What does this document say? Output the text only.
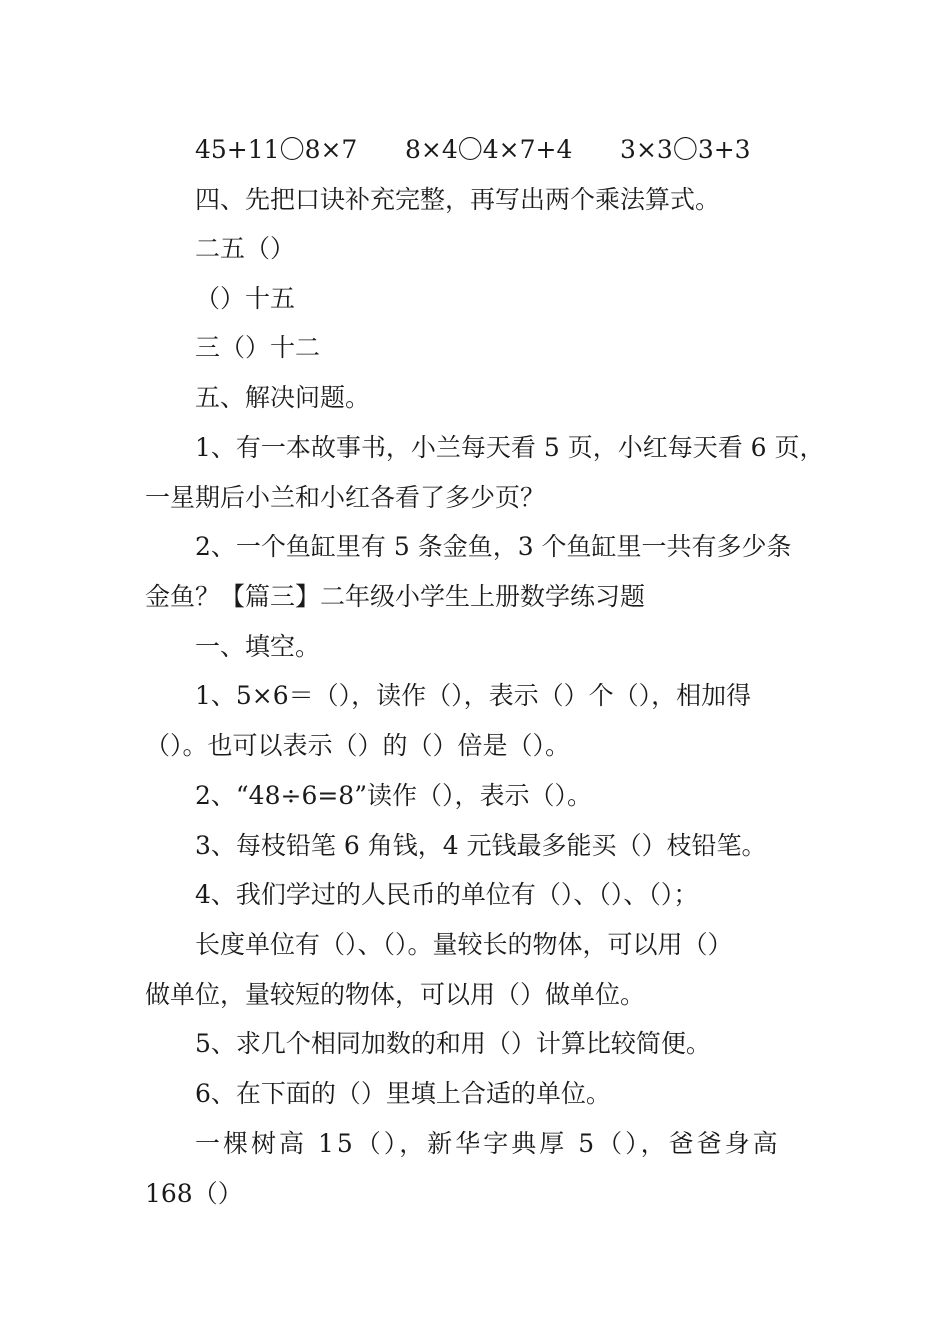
45+11〇8×7      8×4〇4×7+4      3×3〇3+3
四、先把口诀补充完整，再写出两个乘法算式。
二五（）
（）十五
三（）十二
五、解决问题。
1、有一本故事书，小兰每天看 5 页，小红每天看 6 页，
一星期后小兰和小红各看了多少页？
2、一个鱼缸里有 5 条金鱼，3 个鱼缸里一共有多少条
金鱼？【篇三】二年级小学生上册数学练习题
一、填空。
1、5×6＝（），读作（），表示（）个（），相加得
（）。也可以表示（）的（）倍是（）。
2、“48÷6=8”读作（），表示（）。
3、每枝铅笔 6 角钱，4 元钱最多能买（）枝铅笔。
4、我们学过的人民币的单位有（）、（）、（）；
长度单位有（）、（）。量较长的物体，可以用（）
做单位，量较短的物体，可以用（）做单位。
5、求几个相同加数的和用（）计算比较简便。
6、在下面的（）里填上合适的单位。
一棵树高 15（），新华字典厚 5（），爸爸身高
168（）
